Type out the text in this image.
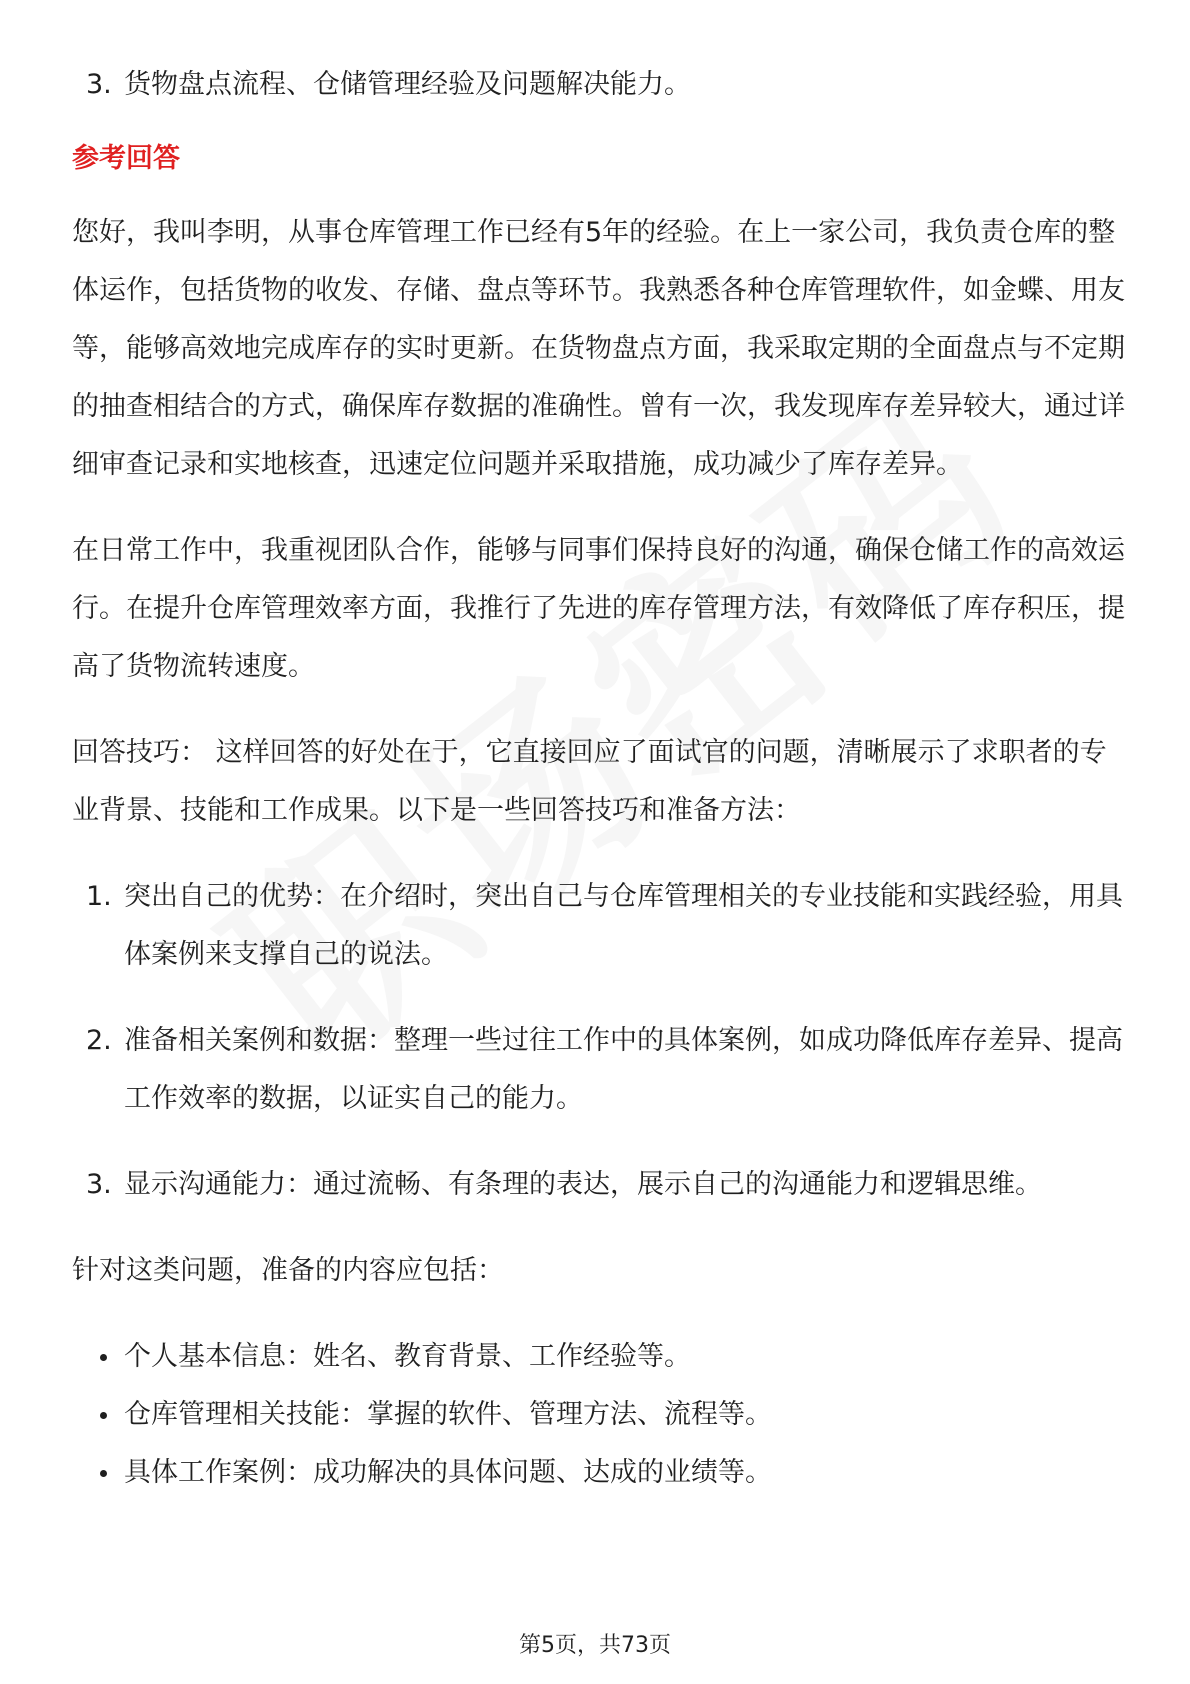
3. 货物盘点流程、仓储管理经验及问题解决能力。
参考回答

您好，我叫李明，从事仓库管理工作已经有5年的经验。在上一家公司，我负责仓库的整体运作，包括货物的收发、存储、盘点等环节。我熟悉各种仓库管理软件，如金蝶、用友等，能够高效地完成库存的实时更新。在货物盘点方面，我采取定期的全面盘点与不定期的抽查相结合的方式，确保库存数据的准确性。曾有一次，我发现库存差异较大，通过详细审查记录和实地核查，迅速定位问题并采取措施，成功减少了库存差异。

在日常工作中，我重视团队合作，能够与同事们保持良好的沟通，确保仓储工作的高效运行。在提升仓库管理效率方面，我推行了先进的库存管理方法，有效降低了库存积压，提高了货物流转速度。

回答技巧： 这样回答的好处在于，它直接回应了面试官的问题，清晰展示了求职者的专业背景、技能和工作成果。以下是一些回答技巧和准备方法：

1. 突出自己的优势：在介绍时，突出自己与仓库管理相关的专业技能和实践经验，用具体案例来支撑自己的说法。
2. 准备相关案例和数据：整理一些过往工作中的具体案例，如成功降低库存差异、提高工作效率的数据，以证实自己的能力。
3. 显示沟通能力：通过流畅、有条理的表达，展示自己的沟通能力和逻辑思维。

针对这类问题，准备的内容应包括：

个人基本信息：姓名、教育背景、工作经验等。
仓库管理相关技能：掌握的软件、管理方法、流程等。
具体工作案例：成功解决的具体问题、达成的业绩等。
第5页，共73页
